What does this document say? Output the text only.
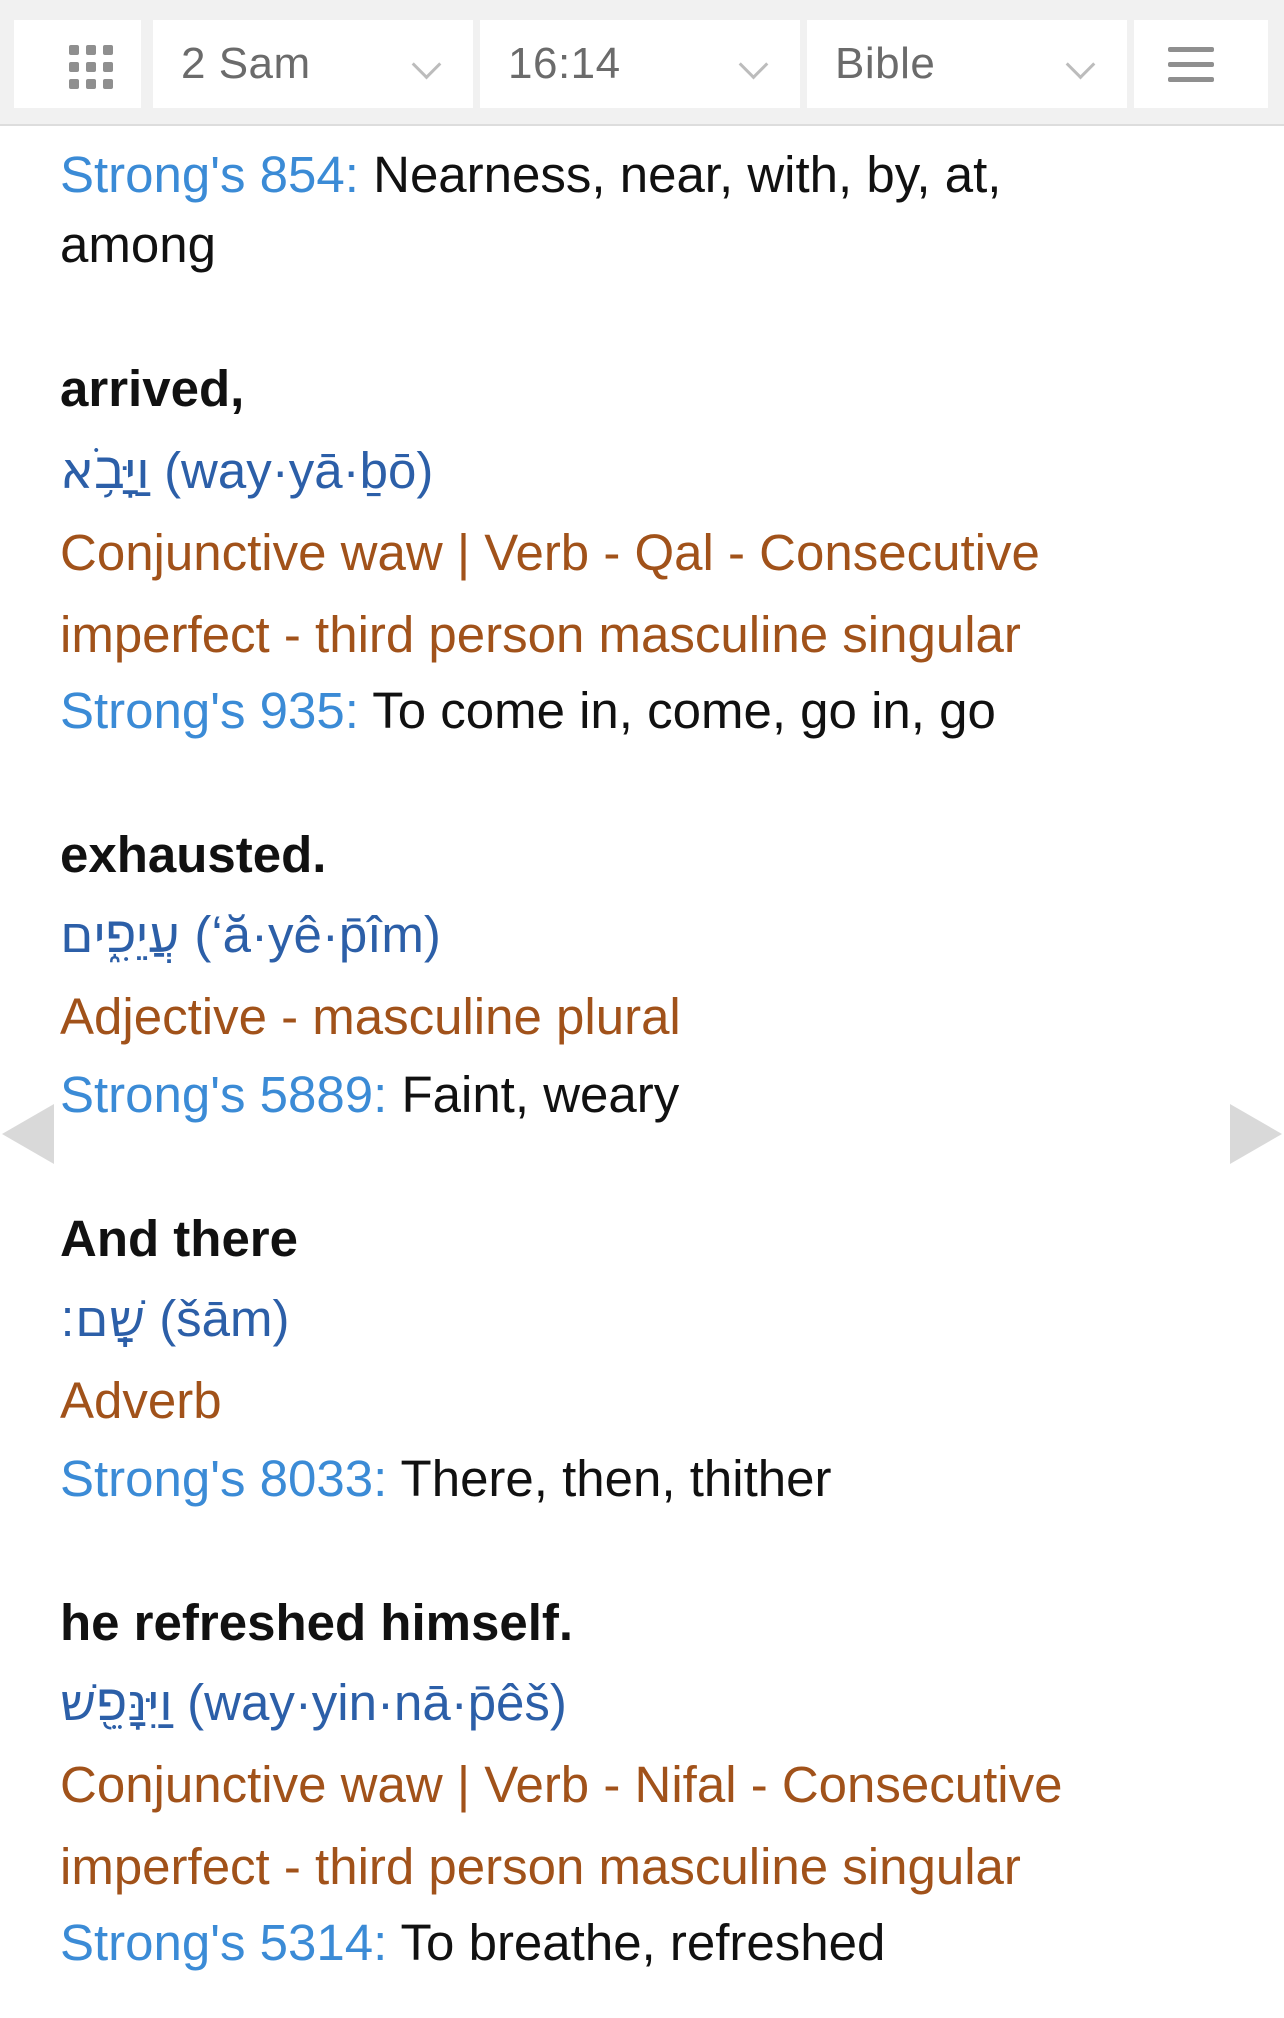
2 Sam	16:14	Bible
Strong's 854: Nearness, near, with, by, at,
among
arrived,
וַיָּבֹ֥א (way·yā·ḇō)
Conjunctive waw | Verb - Qal - Consecutive
imperfect - third person masculine singular
Strong's 935: To come in, come, go in, go
exhausted.
עֲיֵפִ֑ים (‘ă·yê·p̄îm)
Adjective - masculine plural
Strong's 5889: Faint, weary
And there
שָֽׁם׃ (šām)
Adverb
Strong's 8033: There, then, thither
he refreshed himself.
וַיִּנָּפֵ֖שׁ (way·yin·nā·p̄êš)
Conjunctive waw | Verb - Nifal - Consecutive
imperfect - third person masculine singular
Strong's 5314: To breathe, refreshed
